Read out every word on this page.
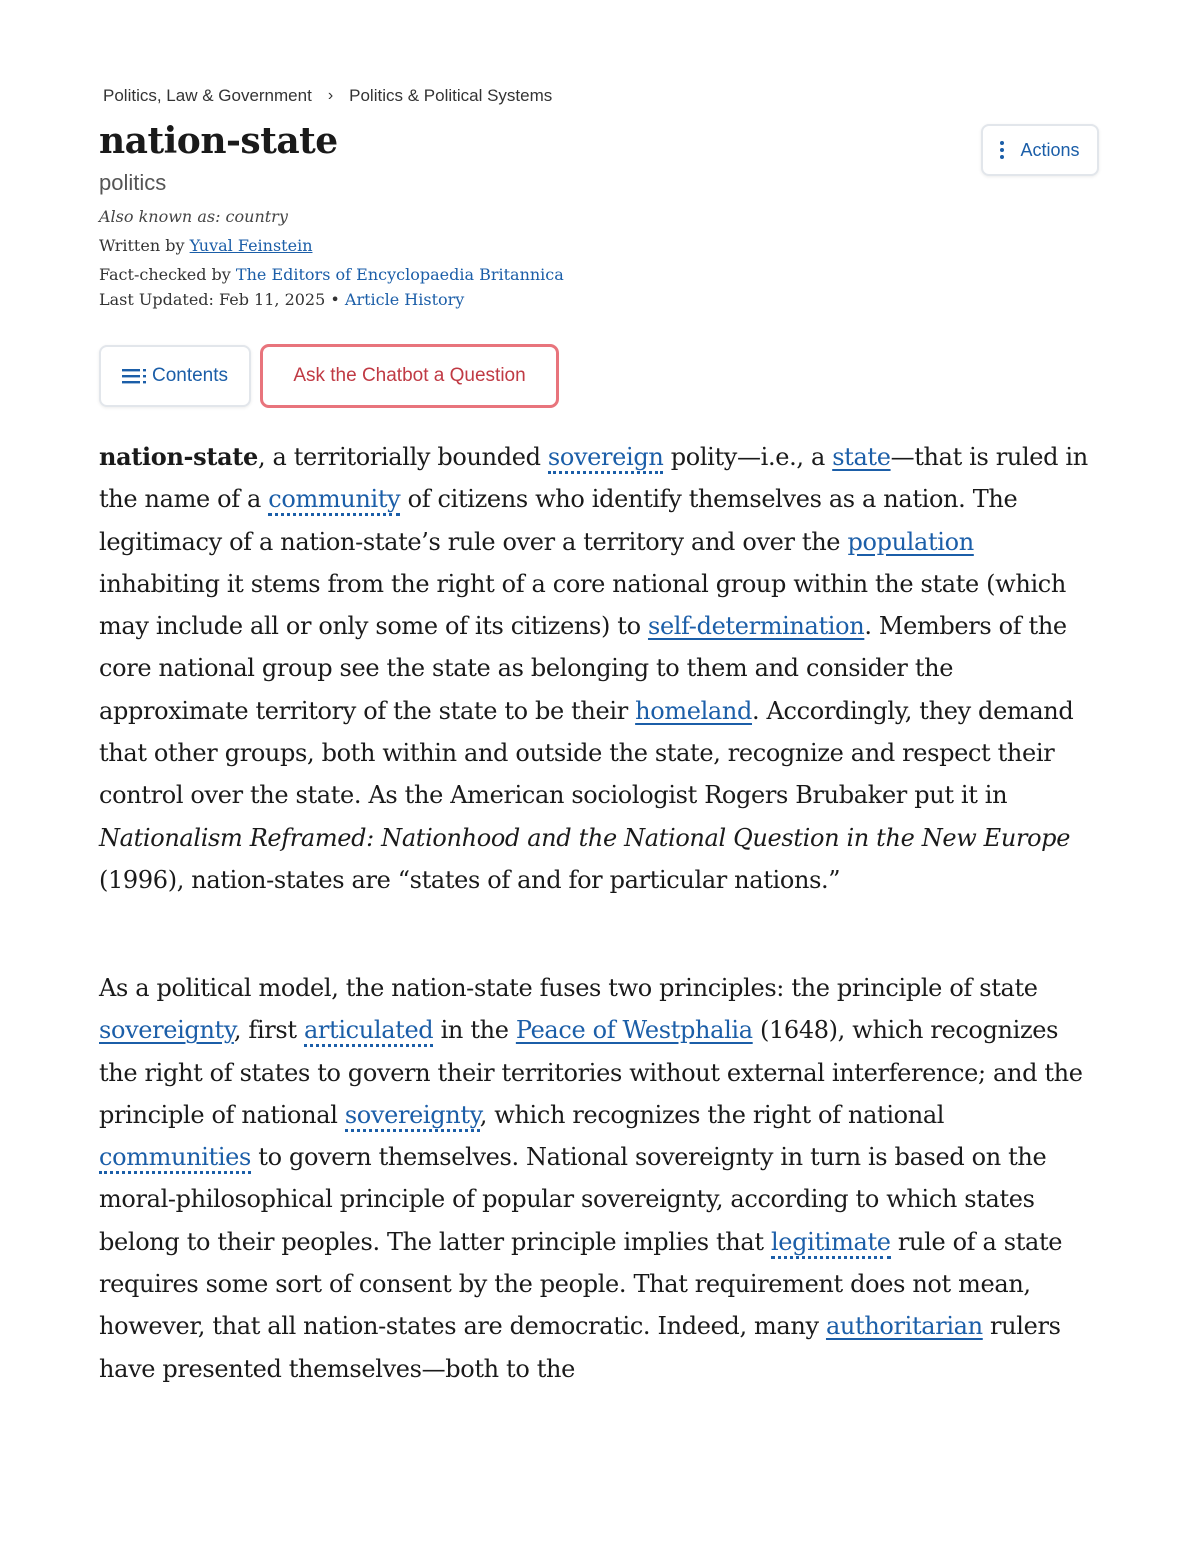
Politics, Law & Government › Politics & Political Systems
nation-state
politics
Also known as: country
Written by Yuval Feinstein
Fact-checked by The Editors of Encyclopaedia Britannica
Last Updated: Feb 11, 2025 • Article History
Actions
Contents	Ask the Chatbot a Question

nation-state, a territorially bounded sovereign polity—i.e., a state—that is ruled in the name of a community of citizens who identify themselves as a nation. The legitimacy of a nation-state’s rule over a territory and over the population inhabiting it stems from the right of a core national group within the state (which may include all or only some of its citizens) to self-determination. Members of the core national group see the state as belonging to them and consider the approximate territory of the state to be their homeland. Accordingly, they demand that other groups, both within and outside the state, recognize and respect their control over the state. As the American sociologist Rogers Brubaker put it in Nationalism Reframed: Nationhood and the National Question in the New Europe (1996), nation-states are “states of and for particular nations.”

As a political model, the nation-state fuses two principles: the principle of state sovereignty, first articulated in the Peace of Westphalia (1648), which recognizes the right of states to govern their territories without external interference; and the principle of national sovereignty, which recognizes the right of national communities to govern themselves. National sovereignty in turn is based on the moral-philosophical principle of popular sovereignty, according to which states belong to their peoples. The latter principle implies that legitimate rule of a state requires some sort of consent by the people. That requirement does not mean, however, that all nation-states are democratic. Indeed, many authoritarian rulers have presented themselves—both to the
